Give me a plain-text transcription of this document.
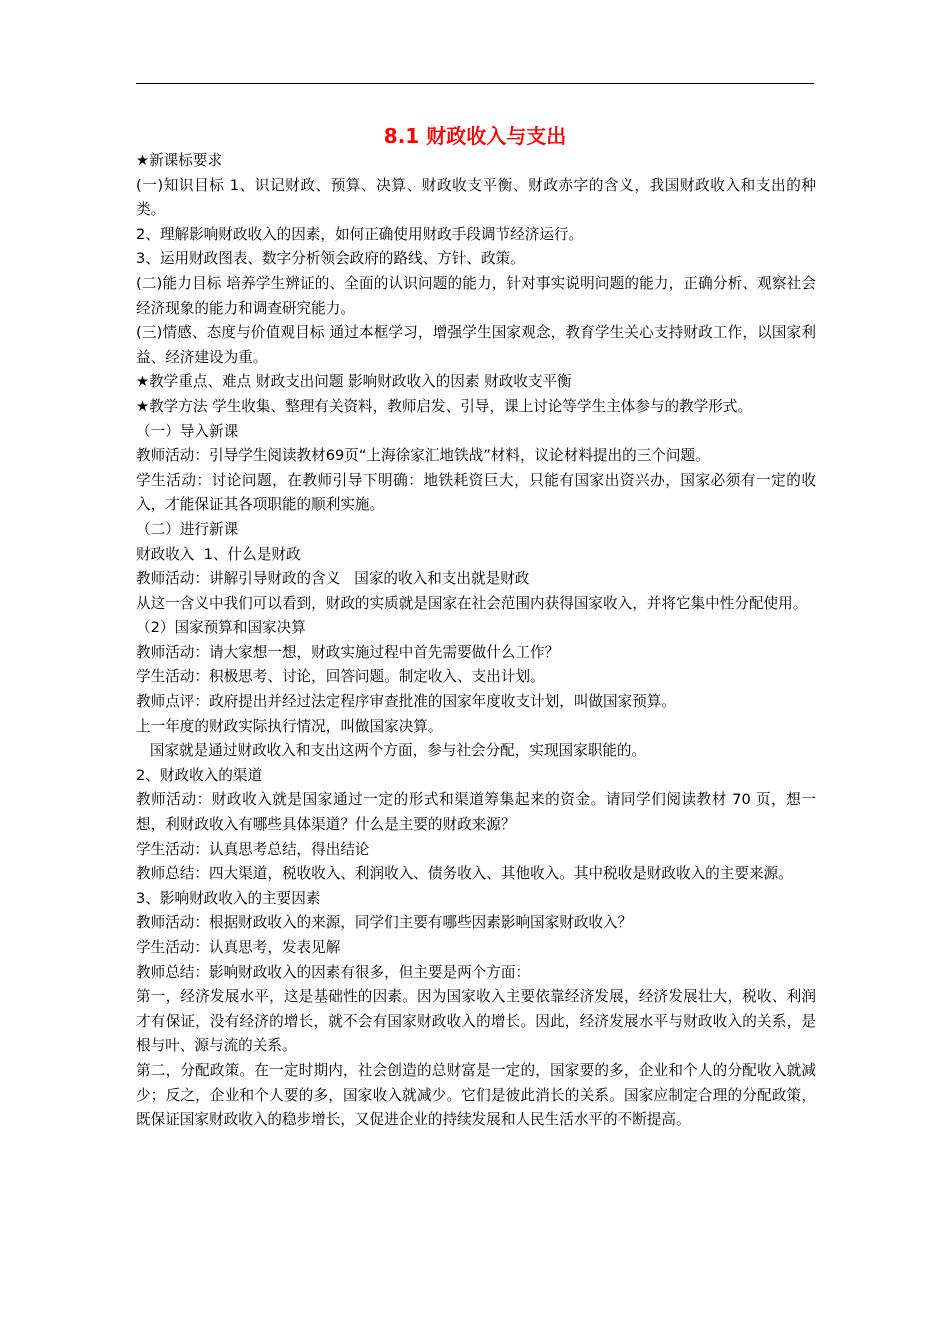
8.1 财政收入与支出

★新课标要求

(一)知识目标 1、识记财政、预算、决算、财政收支平衡、财政赤字的含义，我国财政收入和支出的种类。

2、理解影响财政收入的因素，如何正确使用财政手段调节经济运行。

3、运用财政图表、数字分析领会政府的路线、方针、政策。

(二)能力目标 培养学生辨证的、全面的认识问题的能力，针对事实说明问题的能力，正确分析、观察社会经济现象的能力和调查研究能力。

(三)情感、态度与价值观目标 通过本框学习，增强学生国家观念，教育学生关心支持财政工作，以国家利益、经济建设为重。

★教学重点、难点 财政支出问题 影响财政收入的因素 财政收支平衡

★教学方法 学生收集、整理有关资料，教师启发、引导，课上讨论等学生主体参与的教学形式。

（一）导入新课

教师活动：引导学生阅读教材69页“上海徐家汇地铁战”材料，议论材料提出的三个问题。

学生活动：讨论问题，在教师引导下明确：地铁耗资巨大，只能有国家出资兴办，国家必须有一定的收入，才能保证其各项职能的顺利实施。

（二）进行新课

财政收入  1、什么是财政

教师活动：讲解引导财政的含义   国家的收入和支出就是财政

从这一含义中我们可以看到，财政的实质就是国家在社会范围内获得国家收入，并将它集中性分配使用。

（2）国家预算和国家决算

教师活动：请大家想一想，财政实施过程中首先需要做什么工作？

学生活动：积极思考、讨论，回答问题。制定收入、支出计划。

教师点评：政府提出并经过法定程序审查批准的国家年度收支计划，叫做国家预算。

上一年度的财政实际执行情况，叫做国家决算。

国家就是通过财政收入和支出这两个方面，参与社会分配，实现国家职能的。

2、财政收入的渠道

教师活动：财政收入就是国家通过一定的形式和渠道筹集起来的资金。请同学们阅读教材 70 页，想一想，利财政收入有哪些具体渠道？什么是主要的财政来源？

学生活动：认真思考总结，得出结论

教师总结：四大渠道，税收收入、利润收入、债务收入、其他收入。其中税收是财政收入的主要来源。

3、影响财政收入的主要因素

教师活动：根据财政收入的来源，同学们主要有哪些因素影响国家财政收入？

学生活动：认真思考，发表见解

教师总结：影响财政收入的因素有很多，但主要是两个方面：

第一，经济发展水平，这是基础性的因素。因为国家收入主要依靠经济发展，经济发展壮大，税收、利润才有保证，没有经济的增长，就不会有国家财政收入的增长。因此，经济发展水平与财政收入的关系，是根与叶、源与流的关系。

第二，分配政策。在一定时期内，社会创造的总财富是一定的，国家要的多，企业和个人的分配收入就减少；反之，企业和个人要的多，国家收入就减少。它们是彼此消长的关系。国家应制定合理的分配政策，既保证国家财政收入的稳步增长，又促进企业的持续发展和人民生活水平的不断提高。
